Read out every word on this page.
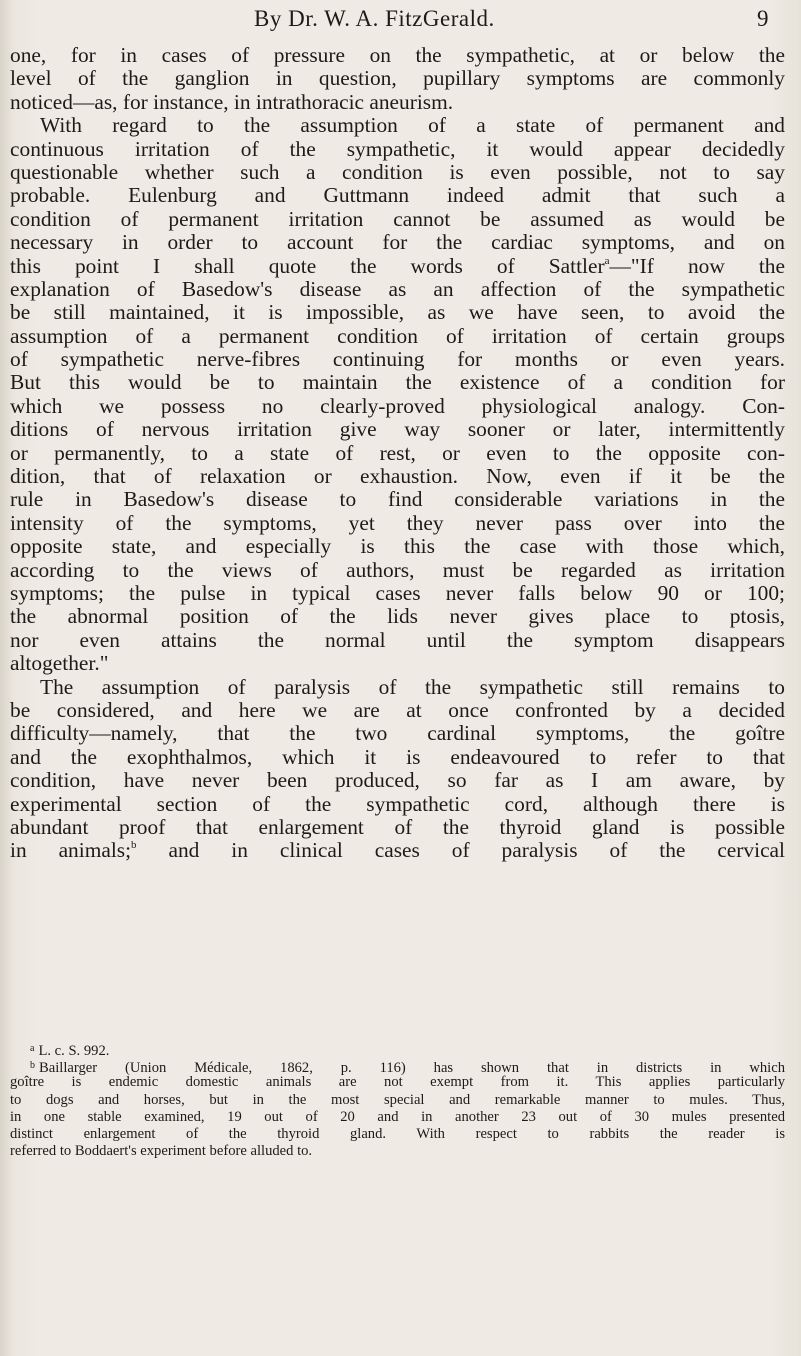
By Dr. W. A. FitzGerald.	9
one, for in cases of pressure on the sympathetic, at or below the
level of the ganglion in question, pupillary symptoms are commonly
noticed—as, for instance, in intrathoracic aneurism.
With regard to the assumption of a state of permanent and
continuous irritation of the sympathetic, it would appear decidedly
questionable whether such a condition is even possible, not to say
probable. Eulenburg and Guttmann indeed admit that such a
condition of permanent irritation cannot be assumed as would be
necessary in order to account for the cardiac symptoms, and on
this point I shall quote the words of Sattler$^a$—"If now the
explanation of Basedow's disease as an affection of the sympathetic
be still maintained, it is impossible, as we have seen, to avoid the
assumption of a permanent condition of irritation of certain groups
of sympathetic nerve-fibres continuing for months or even years.
But this would be to maintain the existence of a condition for
which we possess no clearly-proved physiological analogy. Con-
ditions of nervous irritation give way sooner or later, intermittently
or permanently, to a state of rest, or even to the opposite con-
dition, that of relaxation or exhaustion. Now, even if it be the
rule in Basedow's disease to find considerable variations in the
intensity of the symptoms, yet they never pass over into the
opposite state, and especially is this the case with those which,
according to the views of authors, must be regarded as irritation
symptoms; the pulse in typical cases never falls below 90 or 100;
the abnormal position of the lids never gives place to ptosis,
nor even attains the normal until the symptom disappears
altogether."
The assumption of paralysis of the sympathetic still remains to
be considered, and here we are at once confronted by a decided
difficulty—namely, that the two cardinal symptoms, the goître
and the exophthalmos, which it is endeavoured to refer to that
condition, have never been produced, so far as I am aware, by
experimental section of the sympathetic cord, although there is
abundant proof that enlargement of the thyroid gland is possible
in animals;$^b$ and in clinical cases of paralysis of the cervical
$^a$ L. c. S. 992.
$^b$ Baillarger (Union Médicale, 1862, p. 116) has shown that in districts in which
goître is endemic domestic animals are not exempt from it. This applies particularly
to dogs and horses, but in the most special and remarkable manner to mules. Thus,
in one stable examined, 19 out of 20 and in another 23 out of 30 mules presented
distinct enlargement of the thyroid gland. With respect to rabbits the reader is
referred to Boddaert's experiment before alluded to.
